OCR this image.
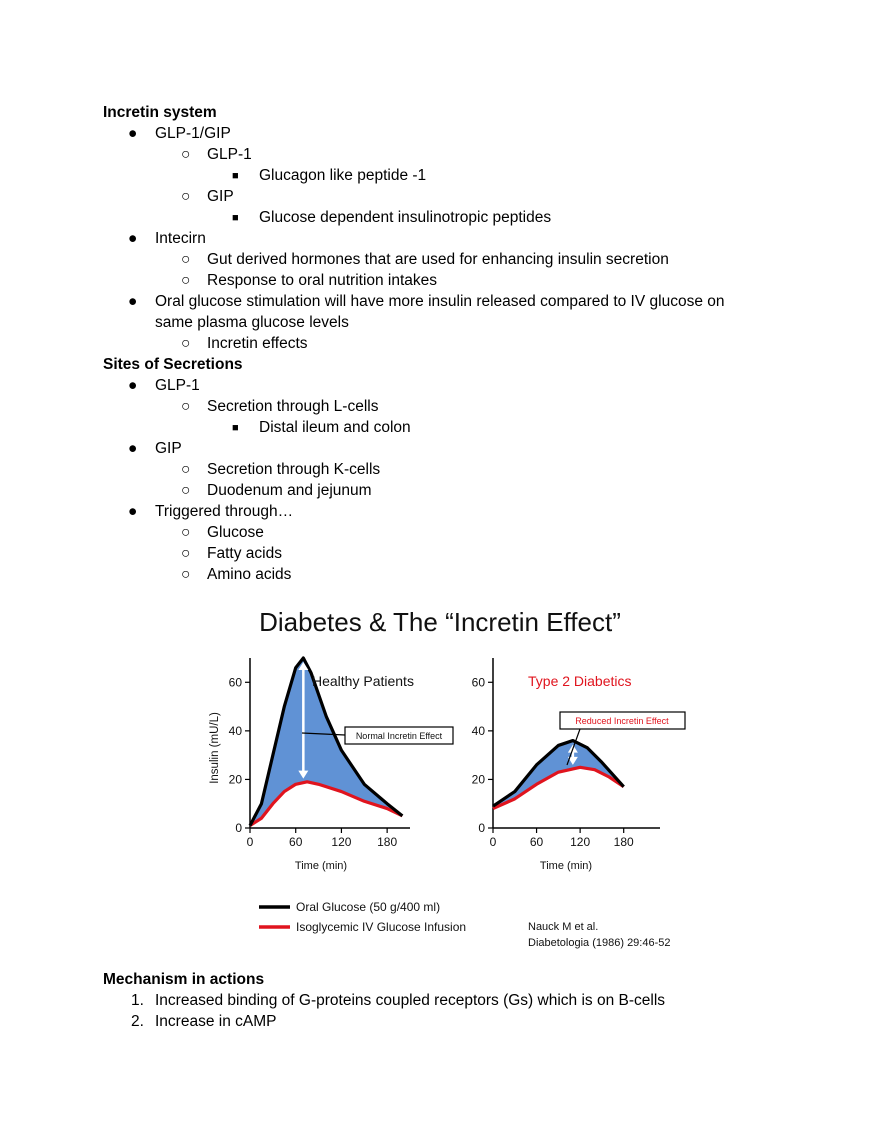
Incretin system
● GLP-1/GIP
○ GLP-1
■ Glucagon like peptide -1
○ GIP
■ Glucose dependent insulinotropic peptides
● Intecirn
○ Gut derived hormones that are used for enhancing insulin secretion
○ Response to oral nutrition intakes
● Oral glucose stimulation will have more insulin released compared to IV glucose on
same plasma glucose levels
○ Incretin effects
Sites of Secretions
● GLP-1
○ Secretion through L-cells
■ Distal ileum and colon
● GIP
○ Secretion through K-cells
○ Duodenum and jejunum
● Triggered through…
○ Glucose
○ Fatty acids
○ Amino acids
Diabetes & The “Incretin Effect”
0	60 120 180
0
20
40
60
0	60 120 180
0
20
40
60
Insulin (mU/L)
Time (min)	Time (min)
Healthy Patients	Type 2 Diabetics
Normal Incretin Effect
Reduced Incretin Effect
Oral Glucose (50 g/400 ml)
Isoglycemic IV Glucose Infusion	Nauck M et al.
Diabetologia (1986) 29:46-52
Mechanism in actions
1. Increased binding of G-proteins coupled receptors (Gs) which is on B-cells
2. Increase in cAMP
